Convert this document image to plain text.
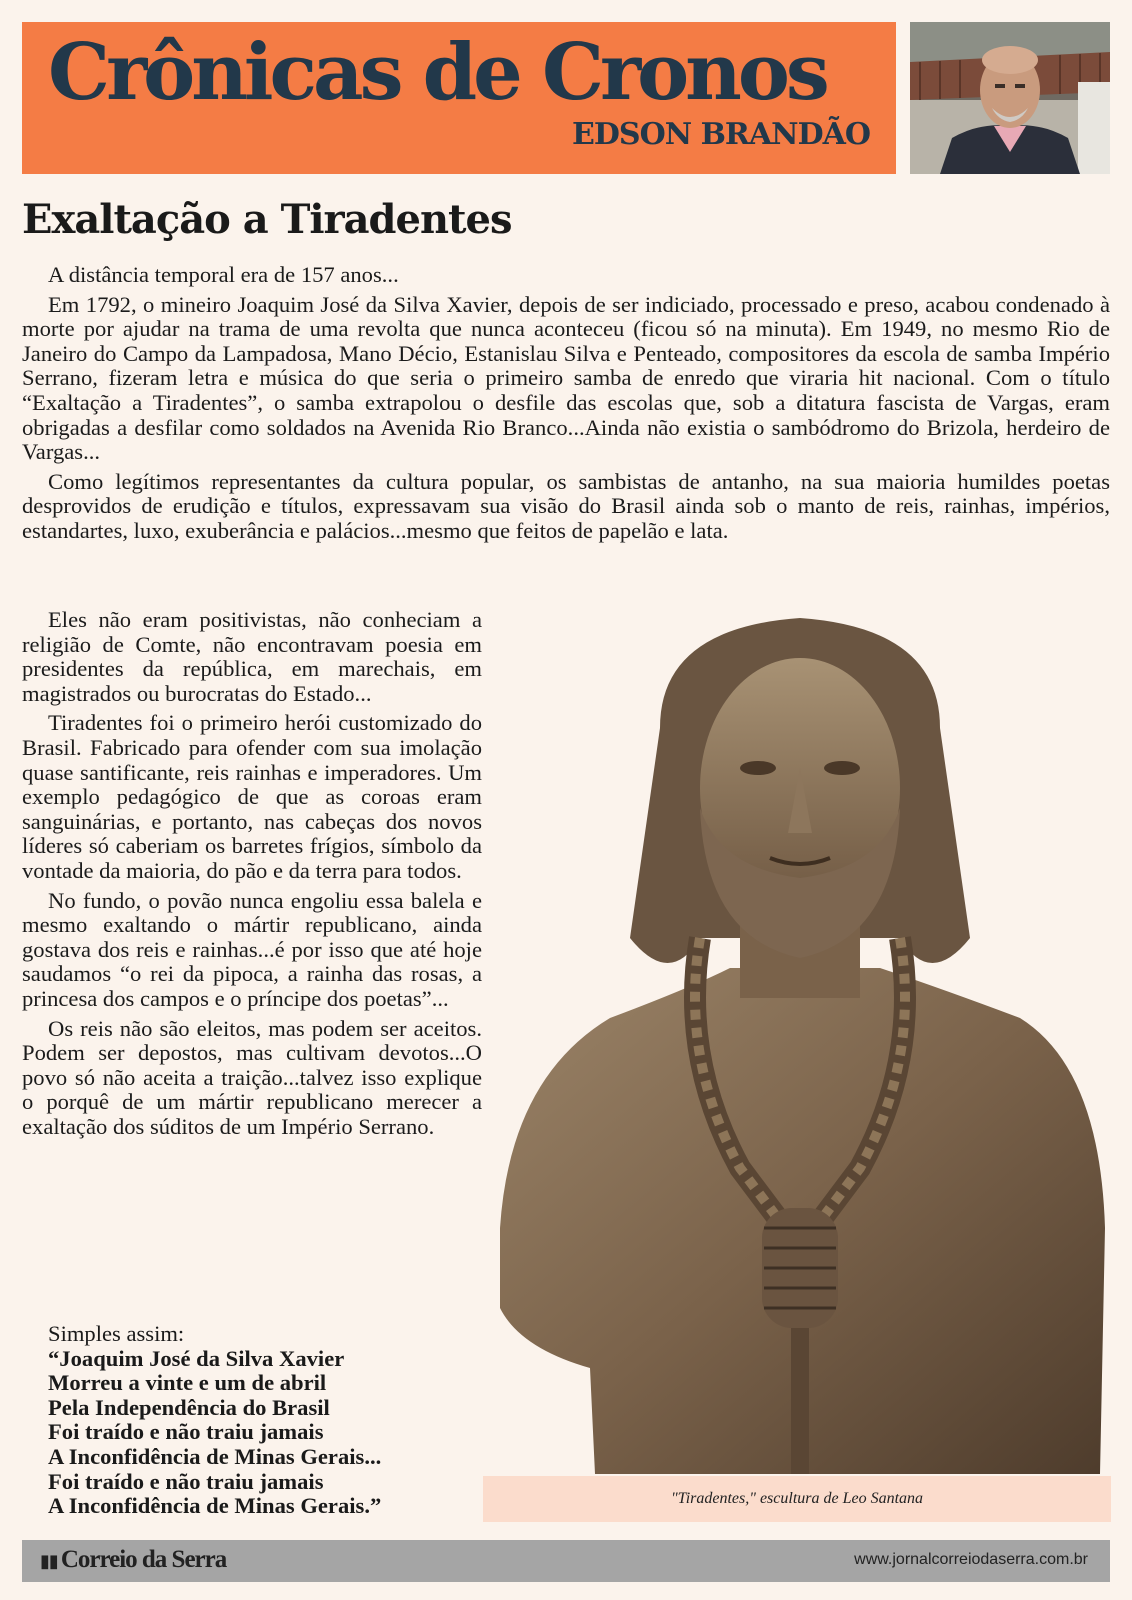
Crônicas de Cronos
EDSON BRANDÃO
Exaltação a Tiradentes

A distância temporal era de 157 anos...

Em 1792, o mineiro Joaquim José da Silva Xavier, depois de ser indiciado, processado e preso, acabou condenado à morte por ajudar na trama de uma revolta que nunca aconteceu (ficou só na minuta). Em 1949, no mesmo Rio de Janeiro do Campo da Lampadosa, Mano Décio, Estanislau Silva e Penteado, compositores da escola de samba Império Serrano, fizeram letra e música do que seria o primeiro samba de enredo que viraria hit nacional. Com o título “Exaltação a Tiradentes”, o samba extrapolou o desfile das escolas que, sob a ditatura fascista de Vargas, eram obrigadas a desfilar como soldados na Avenida Rio Branco...Ainda não existia o sambódromo do Brizola, herdeiro de Vargas...

Como legítimos representantes da cultura popular, os sambistas de antanho, na sua maioria humildes poetas desprovidos de erudição e títulos, expressavam sua visão do Brasil ainda sob o manto de reis, rainhas, impérios, estandartes, luxo, exuberância e palácios...mesmo que feitos de papelão e lata.

Eles não eram positivistas, não conheciam a religião de Comte, não encontravam poesia em presidentes da república, em marechais, em magistrados ou burocratas do Estado...

Tiradentes foi o primeiro herói customizado do Brasil. Fabricado para ofender com sua imolação quase santificante, reis rainhas e imperadores. Um exemplo pedagógico de que as coroas eram sanguinárias, e portanto, nas cabeças dos novos líderes só caberiam os barretes frígios, símbolo da vontade da maioria, do pão e da terra para todos.

No fundo, o povão nunca engoliu essa balela e mesmo exaltando o mártir republicano, ainda gostava dos reis e rainhas...é por isso que até hoje saudamos “o rei da pipoca, a rainha das rosas, a princesa dos campos e o príncipe dos poetas”...

Os reis não são eleitos, mas podem ser aceitos. Podem ser depostos, mas cultivam devotos...O povo só não aceita a traição...talvez isso explique o porquê de um mártir republicano merecer a exaltação dos súditos de um Império Serrano.

Simples assim:
“Joaquim José da Silva Xavier
Morreu a vinte e um de abril
Pela Independência do Brasil
Foi traído e não traiu jamais
A Inconfidência de Minas Gerais...
Foi traído e não traiu jamais
A Inconfidência de Minas Gerais.”	"Tiradentes," escultura de Leo Santana
▮▮ Correio da Serra	www.jornalcorreiodaserra.com.br
